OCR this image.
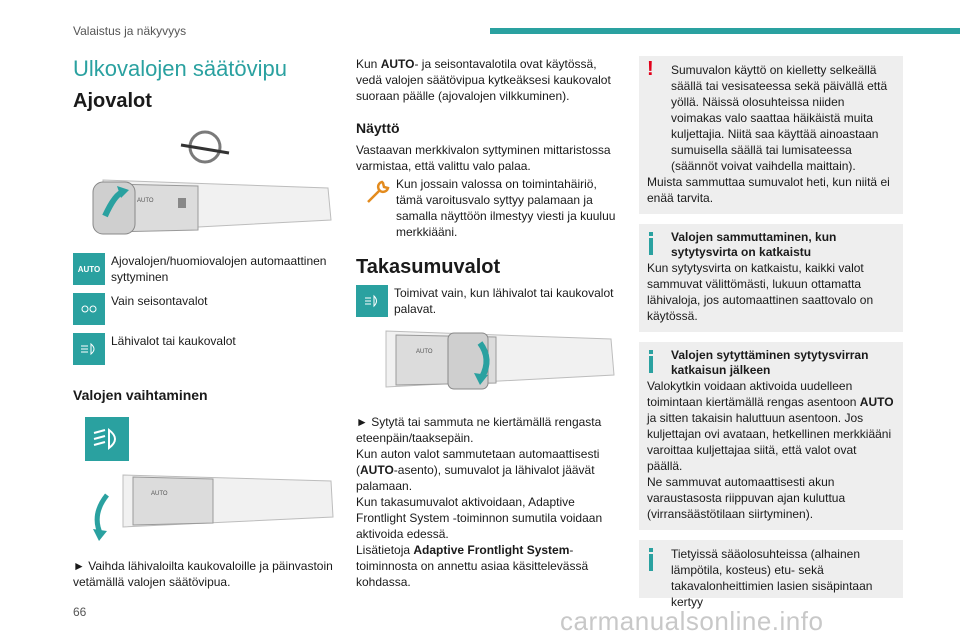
Valaistus ja näkyvyys
66	carmanualsonline.info
Ulkovalojen säätövipu
Ajovalot

AUTO
AUTO
Ajovalojen/huomiovalojen automaattinen syttyminen
Vain seisontavalot
Lähivalot tai kaukovalot
Valojen vaihtaminen
AUTO

► Vaihda lähivaloilta kaukovaloille ja päinvastoin vetämällä valojen säätövipua.

Kun AUTO- ja seisontavalotila ovat käytössä, vedä valojen säätövipua kytkeäksesi kaukovalot suoraan päälle (ajovalojen vilkkuminen).

Näyttö

Vastaavan merkkivalon syttyminen mittaristossa varmistaa, että valittu valo palaa.

Kun jossain valossa on toimintahäiriö,

tämä varoitusvalo syttyy palamaan ja samalla näyttöön ilmestyy viesti ja kuuluu merkkiääni.

Takasumuvalot

Toimivat vain, kun lähivalot tai kaukovalot palavat.

AUTO

► Sytytä tai sammuta ne kiertämällä rengasta eteenpäin/taaksepäin.

Kun auton valot sammutetaan automaattisesti (AUTO-asento), sumuvalot ja lähivalot jäävät palamaan.

Kun takasumuvalot aktivoidaan, Adaptive Frontlight System -toiminnon sumutila voidaan aktivoida edessä.

Lisätietoja Adaptive Frontlight System-toiminnosta on annettu asiaa käsittelevässä kohdassa.

! Sumuvalon käyttö on kielletty selkeällä säällä tai vesisateessa sekä päivällä että yöllä. Näissä olosuhteissa niiden voimakas valo saattaa häikäistä muita kuljettajia. Niitä saa käyttää ainoastaan sumuisella säällä tai lumisateessa (säännöt voivat vaihdella maittain).

Muista sammuttaa sumuvalot heti, kun niitä ei enää tarvita.

Valojen sammuttaminen, kun sytytysvirta on katkaistu

Kun sytytysvirta on katkaistu, kaikki valot sammuvat välittömästi, lukuun ottamatta lähivaloja, jos automaattinen saattovalo on käytössä.

Valojen sytyttäminen sytytysvirran katkaisun jälkeen

Valokytkin voidaan aktivoida uudelleen toimintaan kiertämällä rengas asentoon AUTO ja sitten takaisin haluttuun asentoon. Jos kuljettajan ovi avataan, hetkellinen merkkiääni varoittaa kuljettajaa siitä, että valot ovat päällä.

Ne sammuvat automaattisesti akun varaustasosta riippuvan ajan kuluttua (virransäästötilaan siirtyminen).

Tietyissä sääolosuhteissa (alhainen lämpötila, kosteus) etu- sekä takavalonheittimien lasien sisäpintaan kertyy
